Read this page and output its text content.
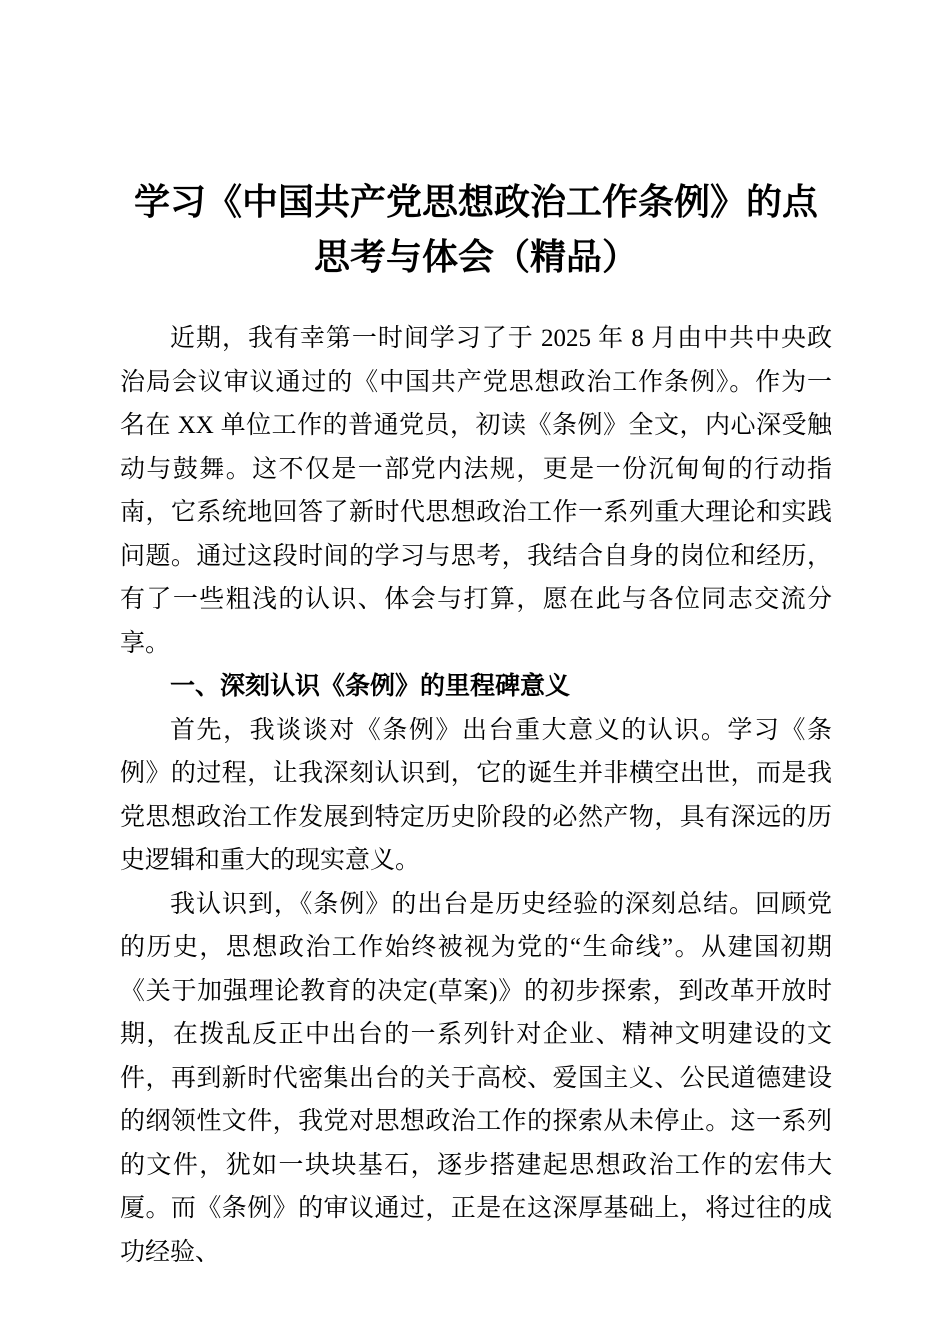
学习《中国共产党思想政治工作条例》的点
思考与体会（精品）

近期，我有幸第一时间学习了于 2025 年 8 月由中共中央政治局会议审议通过的《中国共产党思想政治工作条例》。作为一名在 XX 单位工作的普通党员，初读《条例》全文，内心深受触动与鼓舞。这不仅是一部党内法规，更是一份沉甸甸的行动指南，它系统地回答了新时代思想政治工作一系列重大理论和实践问题。通过这段时间的学习与思考，我结合自身的岗位和经历，有了一些粗浅的认识、体会与打算，愿在此与各位同志交流分享。

一、深刻认识《条例》的里程碑意义

首先，我谈谈对《条例》出台重大意义的认识。学习《条例》的过程，让我深刻认识到，它的诞生并非横空出世，而是我党思想政治工作发展到特定历史阶段的必然产物，具有深远的历史逻辑和重大的现实意义。

我认识到，《条例》的出台是历史经验的深刻总结。回顾党的历史，思想政治工作始终被视为党的“生命线”。从建国初期《关于加强理论教育的决定(草案)》的初步探索，到改革开放时期，在拨乱反正中出台的一系列针对企业、精神文明建设的文件，再到新时代密集出台的关于高校、爱国主义、公民道德建设的纲领性文件，我党对思想政治工作的探索从未停止。这一系列的文件，犹如一块块基石，逐步搭建起思想政治工作的宏伟大厦。而《条例》的审议通过，正是在这深厚基础上，将过往的成功经验、
